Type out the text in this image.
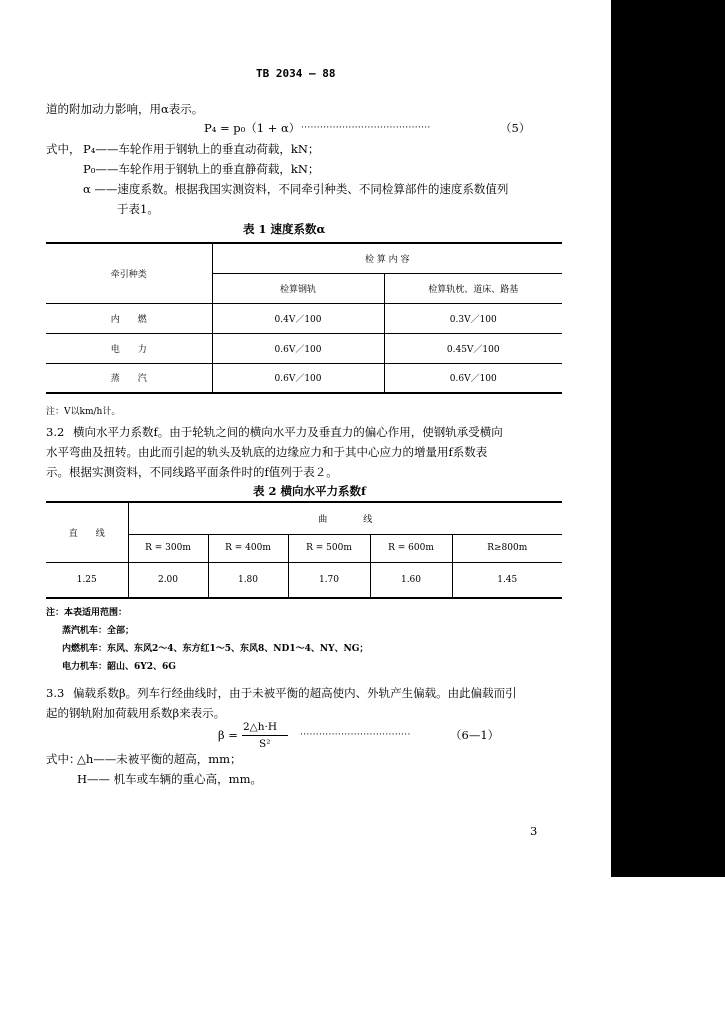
TB 2034 — 88
道的附加动力影响，用α表示。
P₄ = p₀（1 + α） ·········································	（5）
式中， P₄——车轮作用于钢轨上的垂直动荷载，kN；
P₀——车轮作用于钢轨上的垂直静荷载，kN；
α ——速度系数。根据我国实测资料，不同牵引种类、不同检算部件的速度系数值列
于表1。
表 1 速度系数α
牵引种类	检 算 内 容	
	检算钢轨	检算轨枕、道床、路基
内　　燃	0.4V／100	0.3V／100
电　　力	0.6V／100	0.45V／100
蒸　　汽	0.6V／100	0.6V／100
注：V以km/h计。
3.2 横向水平力系数f。由于轮轨之间的横向水平力及垂直力的偏心作用，使钢轨承受横向
水平弯曲及扭转。由此而引起的轨头及轨底的边缘应力和于其中心应力的增量用f系数表
示。根据实测资料，不同线路平面条件时的f值列于表２。
表 2 横向水平力系数f
直　　线	曲　　　　线				
	R = 300m	R = 400m	R = 500m	R = 600m	R≥800m
1.25	2.00	1.80	1.70	1.60	1.45
注：本表适用范围：
蒸汽机车：全部；
内燃机车：东风、东风2～4、东方红1～5、东风8、ND1～4、NY、NG；
电力机车：韶山、6Y2、6G
3.3 偏载系数β。列车行经曲线时，由于未被平衡的超高使内、外轨产生偏载。由此偏载而引
起的钢轨附加荷载用系数β来表示。
β =
2△h·H
S²
···································	（6—1）
式中：
△h——未被平衡的超高，mm；
H—— 机车或车辆的重心高，mm。
3
